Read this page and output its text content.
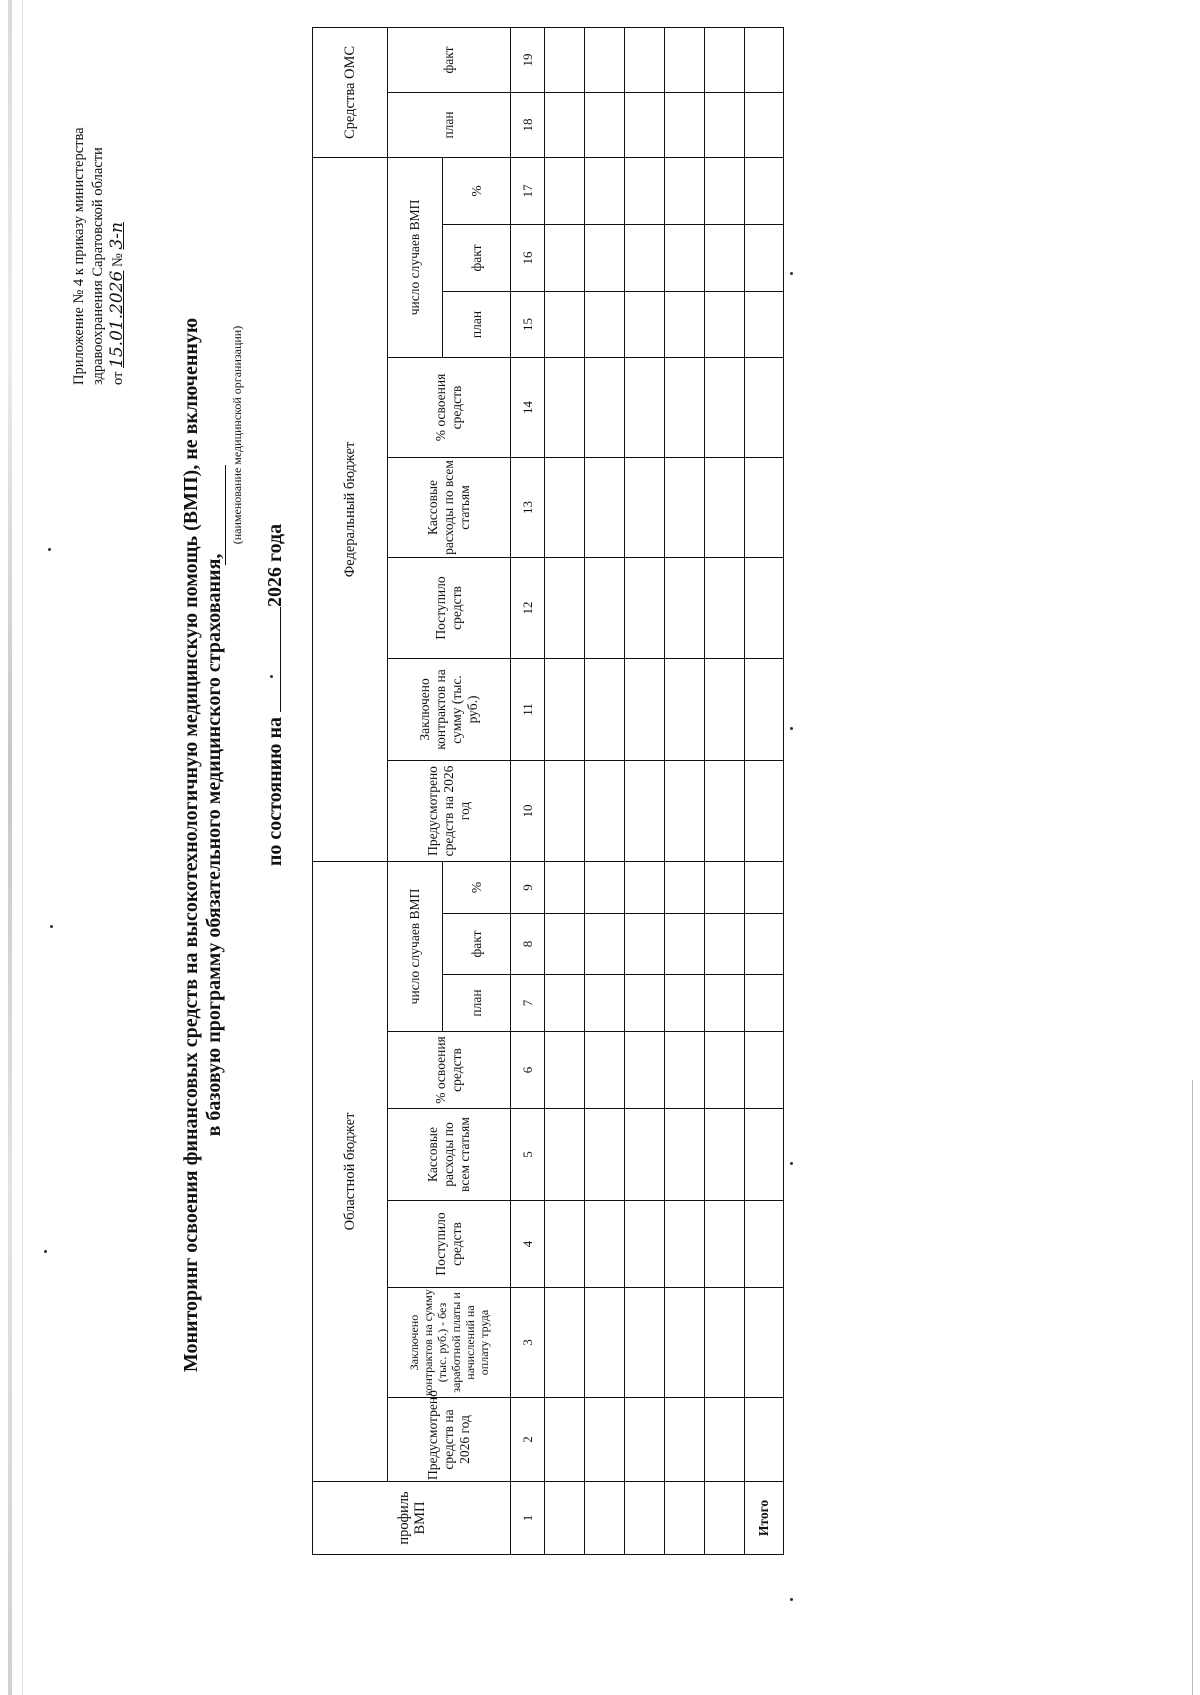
Приложение № 4 к приказу министерства здравоохранения Саратовской области от 15.01.2026 № 3-п
Мониторинг освоения финансовых средств на высокотехнологичную медицинскую помощь (ВМП), не включенную в базовую программу обязательного медицинского страхования,
(наименование медицинской организации)
по состоянию на 2026 года
профиль ВМП	Областной бюджет								Федеральный бюджет								Средства ОМС	
	Предусмотрено средств на 2026 год	Заключено контрактов на сумму (тыс. руб.) - без заработной платы и начислений на оплату труда	Поступило средств	Кассовые расходы по всем статьям	% освоения средств	число случаев ВМП			Предусмотрено средств на 2026 год	Заключено контрактов на сумму (тыс. руб.)	Поступило средств	Кассовые расходы по всем статьям	% освоения средств	число случаев ВМП			план	факт
						план	факт	%						план	факт	%		
1	2	3	4	5	6	7	8	9	10	11	12	13	14	15	16	17	18	19

Итого																		
